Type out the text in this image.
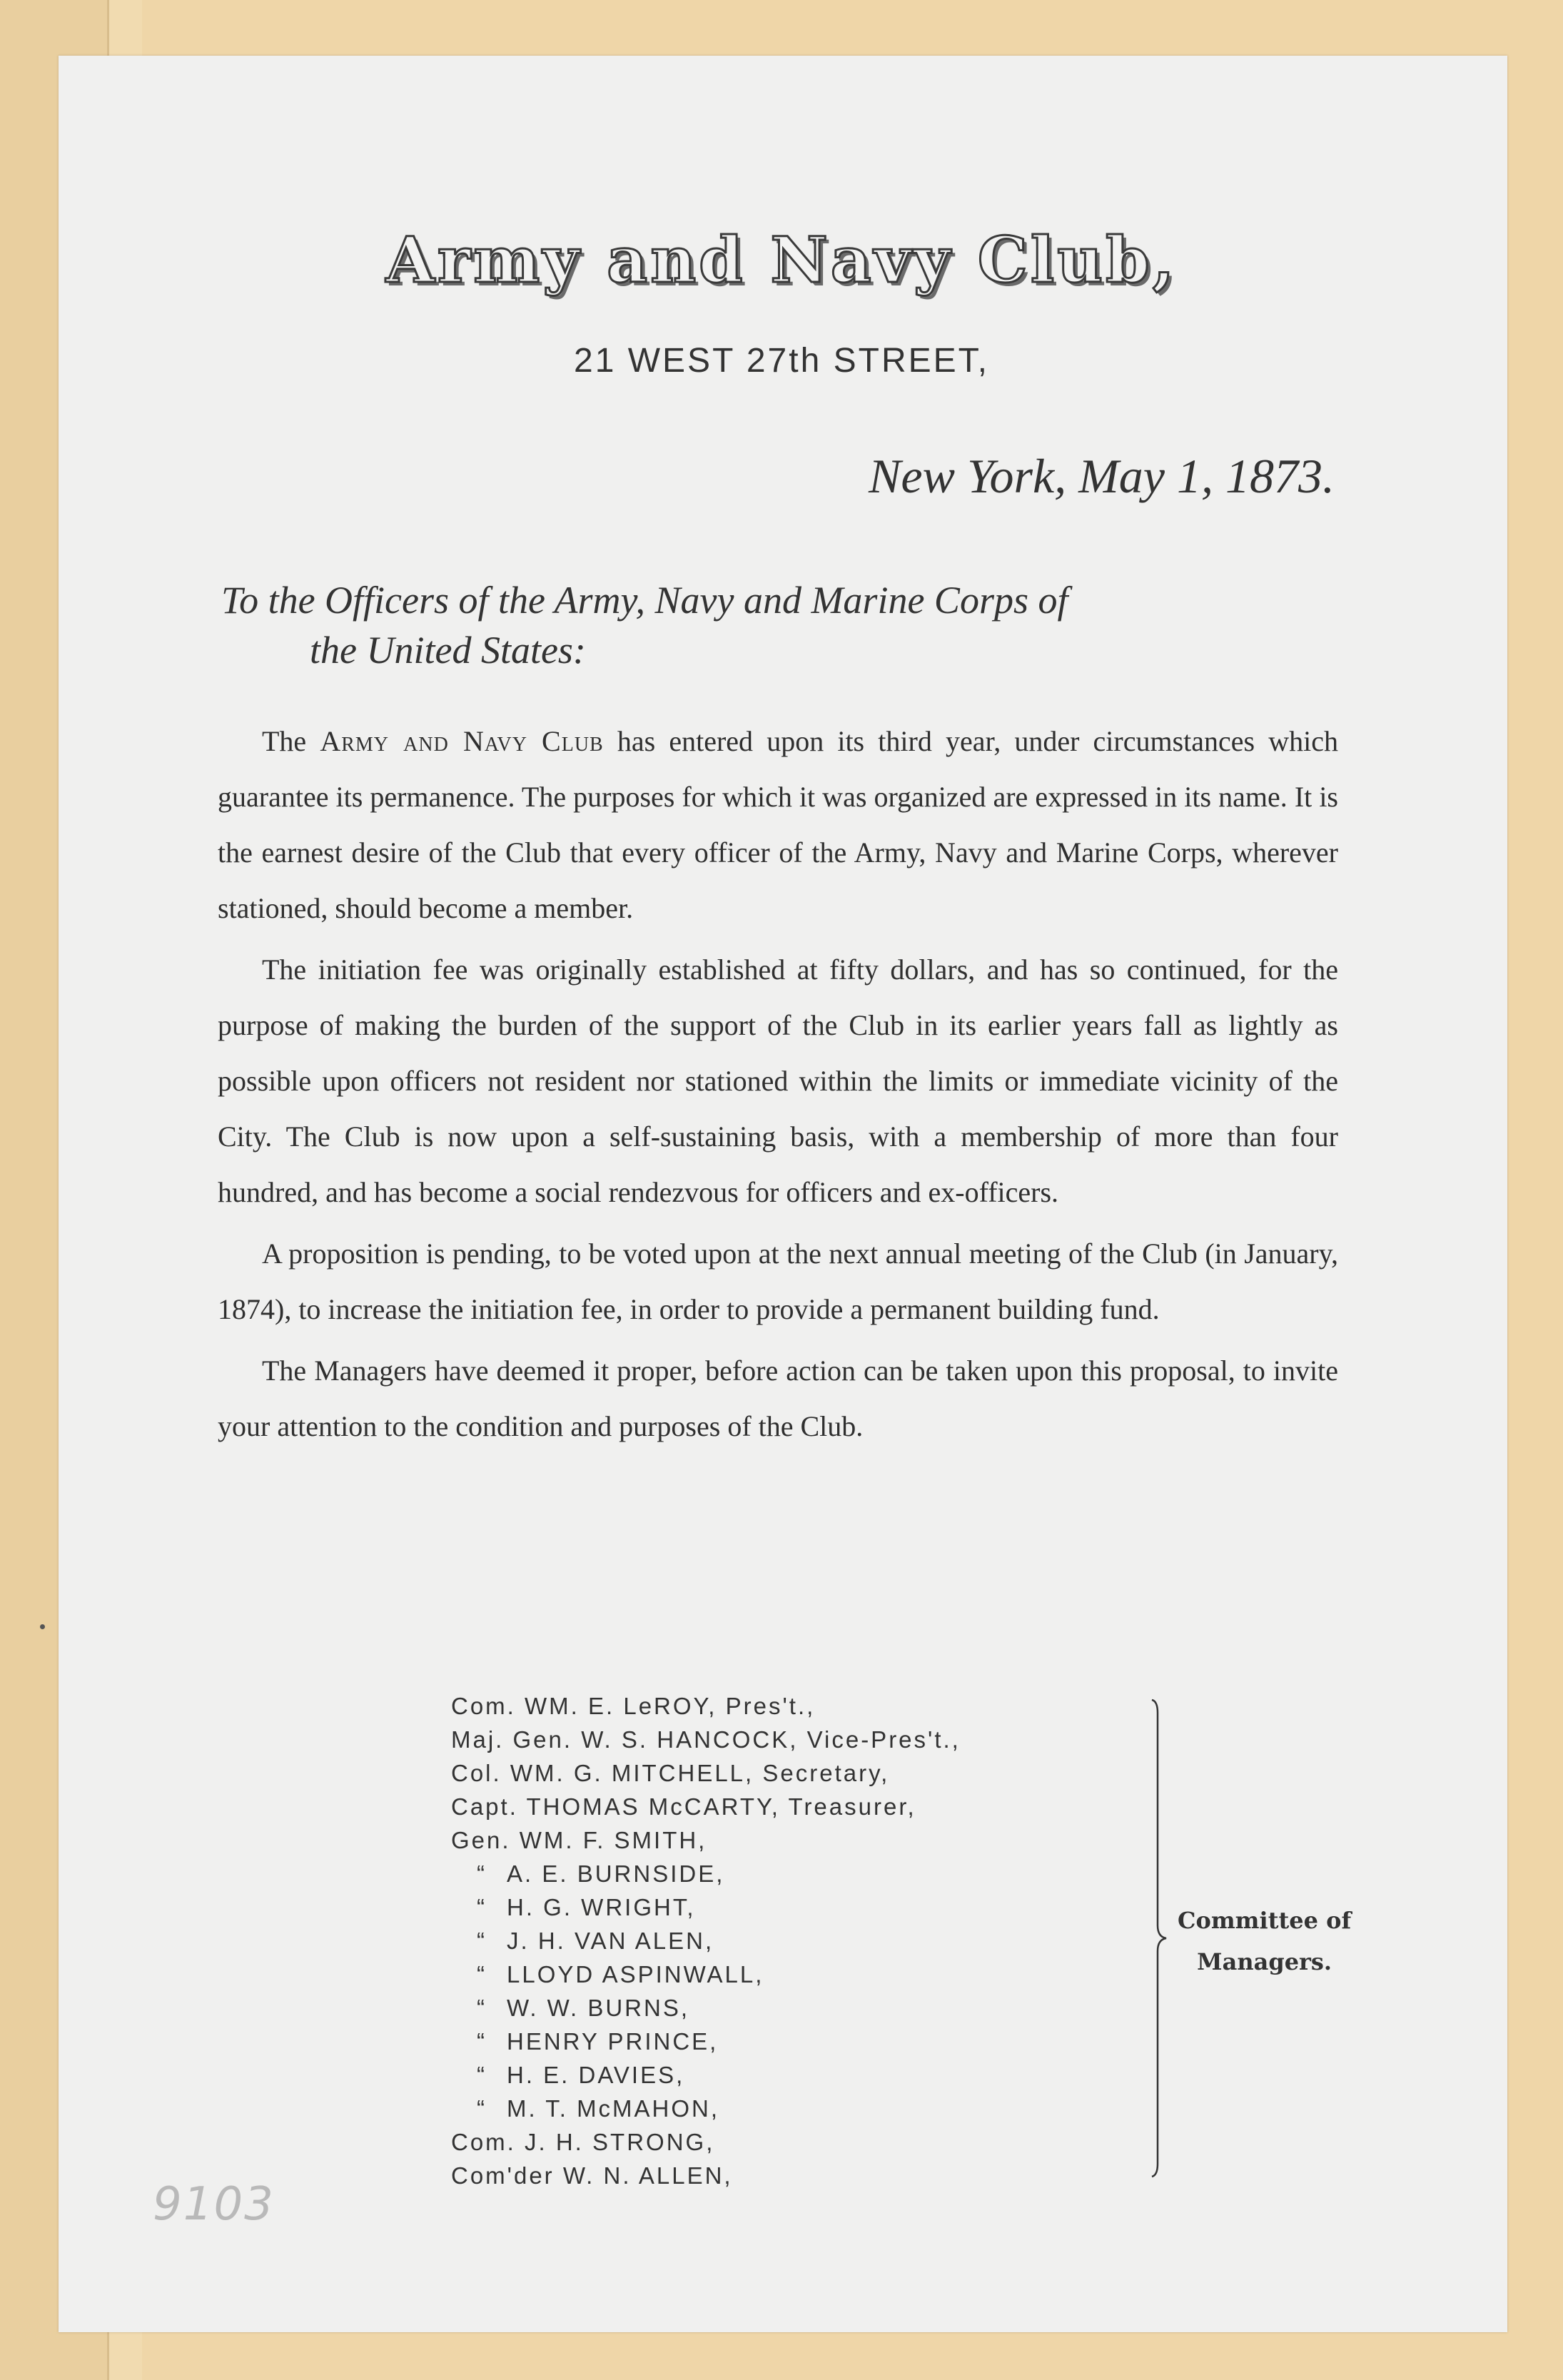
Army and Navy Club,
21 WEST 27th STREET,
New York, May 1, 1873.
To the Officers of the Army, Navy and Marine Corps of
the United States:

The Army and Navy Club has entered upon its third year, under circumstances which guarantee its permanence. The purposes for which it was organized are expressed in its name. It is the earnest desire of the Club that every officer of the Army, Navy and Marine Corps, wherever stationed, should become a member.

The initiation fee was originally established at fifty dollars, and has so continued, for the purpose of making the burden of the support of the Club in its earlier years fall as lightly as possible upon officers not resident nor stationed within the limits or immediate vicinity of the City. The Club is now upon a self-sustaining basis, with a membership of more than four hundred, and has become a social rendezvous for officers and ex-officers.

A proposition is pending, to be voted upon at the next annual meeting of the Club (in January, 1874), to increase the initiation fee, in order to provide a permanent building fund.

The Managers have deemed it proper, before action can be taken upon this proposal, to invite your attention to the condition and purposes of the Club.

Com. WM. E. LeROY, Pres't.,
Maj. Gen. W. S. HANCOCK, Vice-Pres't.,
Col. WM. G. MITCHELL, Secretary,
Capt. THOMAS McCARTY, Treasurer,
Gen. WM. F. SMITH,
“ A. E. BURNSIDE,
“ H. G. WRIGHT,
“ J. H. VAN ALEN,
“ LLOYD ASPINWALL,
“ W. W. BURNS,
“ HENRY PRINCE,
“ H. E. DAVIES,
“ M. T. McMAHON,
Com. J. H. STRONG,
Com'der W. N. ALLEN,
Committee of
Managers.
9103
